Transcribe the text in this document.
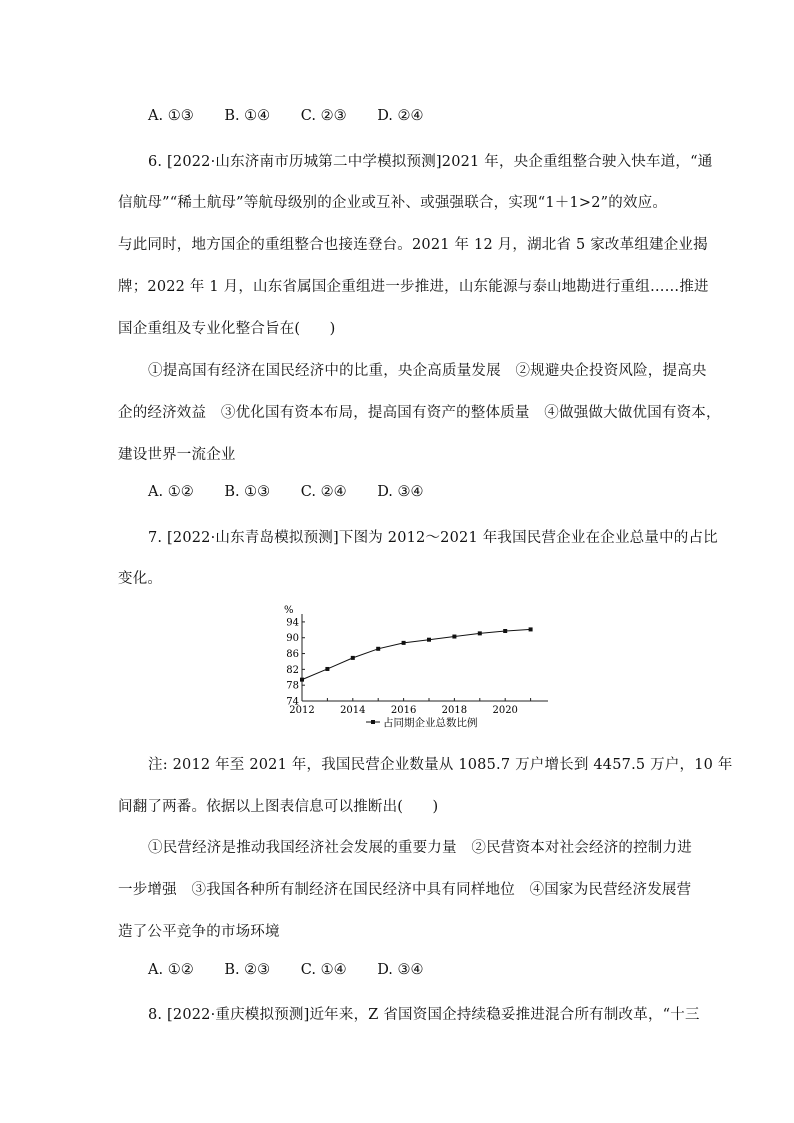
A. ①③ B. ①④ C. ②③ D. ②④
6. [2022·山东济南市历城第二中学模拟预测]2021 年，央企重组整合驶入快车道，“通
信航母”“稀土航母”等航母级别的企业或互补、或强强联合，实现“1＋1>2”的效应。
与此同时，地方国企的重组整合也接连登台。2021 年 12 月，湖北省 5 家改革组建企业揭
牌；2022 年 1 月，山东省属国企重组进一步推进，山东能源与泰山地勘进行重组……推进
国企重组及专业化整合旨在(　　)
①提高国有经济在国民经济中的比重，央企高质量发展　②规避央企投资风险，提高央
企的经济效益　③优化国有资本布局，提高国有资产的整体质量　④做强做大做优国有资本，
建设世界一流企业
A. ①② B. ①③ C. ②④ D. ③④
7. [2022·山东青岛模拟预测]下图为 2012～2021 年我国民营企业在企业总量中的占比
变化。
%
74
78
82
86
90
94
2012	2014	2016	2018	2020
占同期企业总数比例
注: 2012 年至 2021 年，我国民营企业数量从 1085.7 万户增长到 4457.5 万户，10 年
间翻了两番。依据以上图表信息可以推断出(　　)
①民营经济是推动我国经济社会发展的重要力量　②民营资本对社会经济的控制力进
一步增强　③我国各种所有制经济在国民经济中具有同样地位　④国家为民营经济发展营
造了公平竞争的市场环境
A. ①② B. ②③ C. ①④ D. ③④
8. [2022·重庆模拟预测]近年来，Z 省国资国企持续稳妥推进混合所有制改革，“十三
